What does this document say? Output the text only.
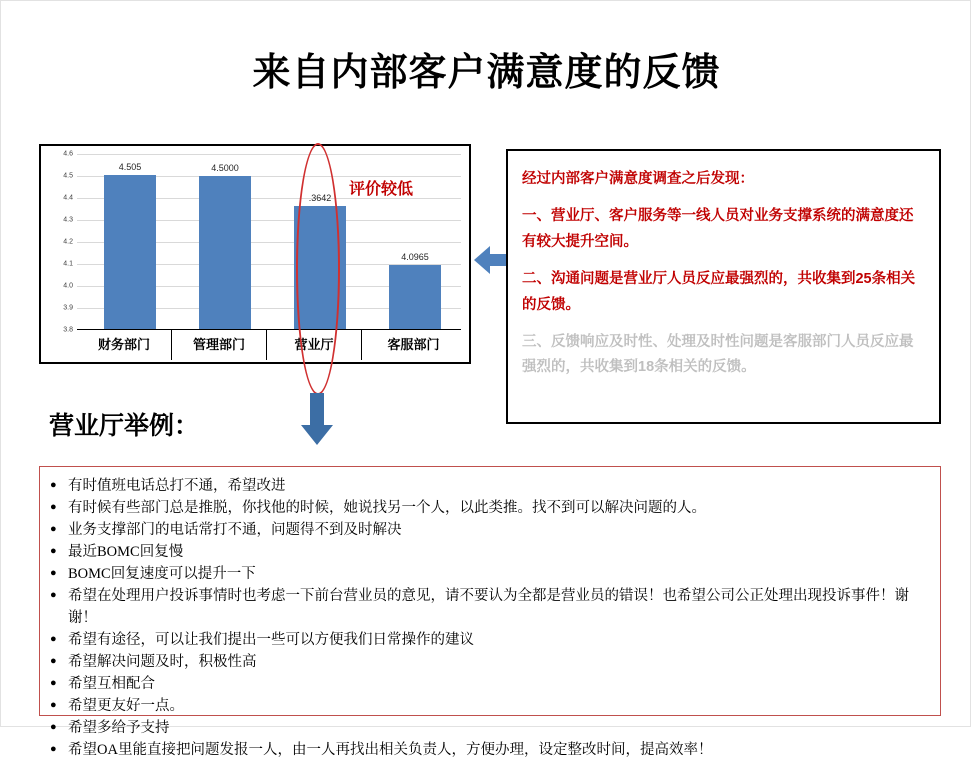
来自内部客户满意度的反馈
3.8
3.9
4.0
4.1
4.2
4.3
4.4
4.5
4.6
4.505	4.5000
.3642
4.0965
财务部门	管理部门	营业厅	客服部门
评价较低

经过内部客户满意度调查之后发现：

一、营业厅、客户服务等一线人员对业务支撑系统的满意度还有较大提升空间。

二、沟通问题是营业厅人员反应最强烈的，共收集到25条相关的反馈。

三、反馈响应及时性、处理及时性问题是客服部门人员反应最强烈的，共收集到18条相关的反馈。

营业厅举例：
● 有时值班电话总打不通，希望改进
● 有时候有些部门总是推脱，你找他的时候，她说找另一个人，以此类推。找不到可以解决问题的人。
● 业务支撑部门的电话常打不通，问题得不到及时解决
● 最近BOMC回复慢
● BOMC回复速度可以提升一下
● 希望在处理用户投诉事情时也考虑一下前台营业员的意见，请不要认为全都是营业员的错误！也希望公司公正处理出现投诉事件！谢谢！
● 希望有途径，可以让我们提出一些可以方便我们日常操作的建议
● 希望解决问题及时，积极性高
● 希望互相配合
● 希望更友好一点。
● 希望多给予支持
● 希望OA里能直接把问题发报一人，由一人再找出相关负责人，方便办理，设定整改时间，提高效率！
